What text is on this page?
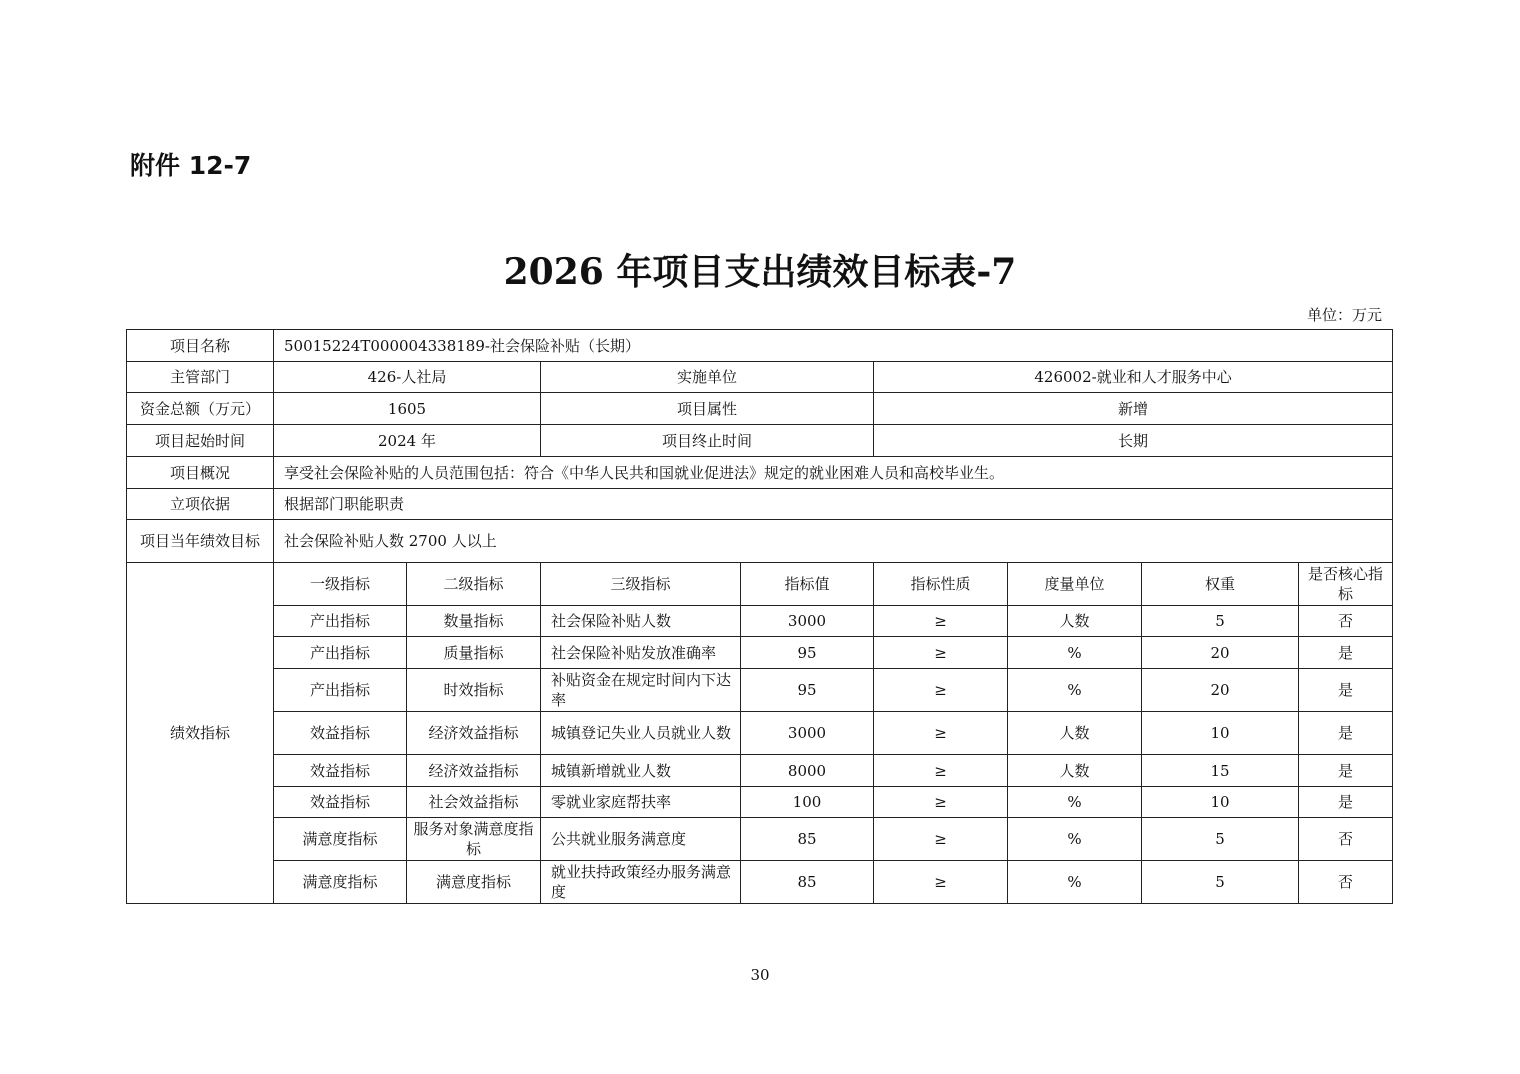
附件 12-7
2026 年项目支出绩效目标表-7
单位：万元
项目名称	50015224T000004338189-社会保险补贴（长期）							
主管部门	426-人社局		实施单位		426002-就业和人才服务中心			
资金总额（万元）	1605		项目属性		新增			
项目起始时间	2024 年		项目终止时间		长期			
项目概况	享受社会保险补贴的人员范围包括：符合《中华人民共和国就业促进法》规定的就业困难人员和高校毕业生。							
立项依据	根据部门职能职责							
项目当年绩效目标	社会保险补贴人数 2700 人以上							
绩效指标	一级指标	二级指标	三级指标	指标值	指标性质	度量单位	权重	是否核心指标
	产出指标	数量指标	社会保险补贴人数	3000	≥	人数	5	否
	产出指标	质量指标	社会保险补贴发放准确率	95	≥	%	20	是
	产出指标	时效指标	补贴资金在规定时间内下达率	95	≥	%	20	是
	效益指标	经济效益指标	城镇登记失业人员就业人数	3000	≥	人数	10	是
	效益指标	经济效益指标	城镇新增就业人数	8000	≥	人数	15	是
	效益指标	社会效益指标	零就业家庭帮扶率	100	≥	%	10	是
	满意度指标	服务对象满意度指标	公共就业服务满意度	85	≥	%	5	否
	满意度指标	满意度指标	就业扶持政策经办服务满意度	85	≥	%	5	否
30
